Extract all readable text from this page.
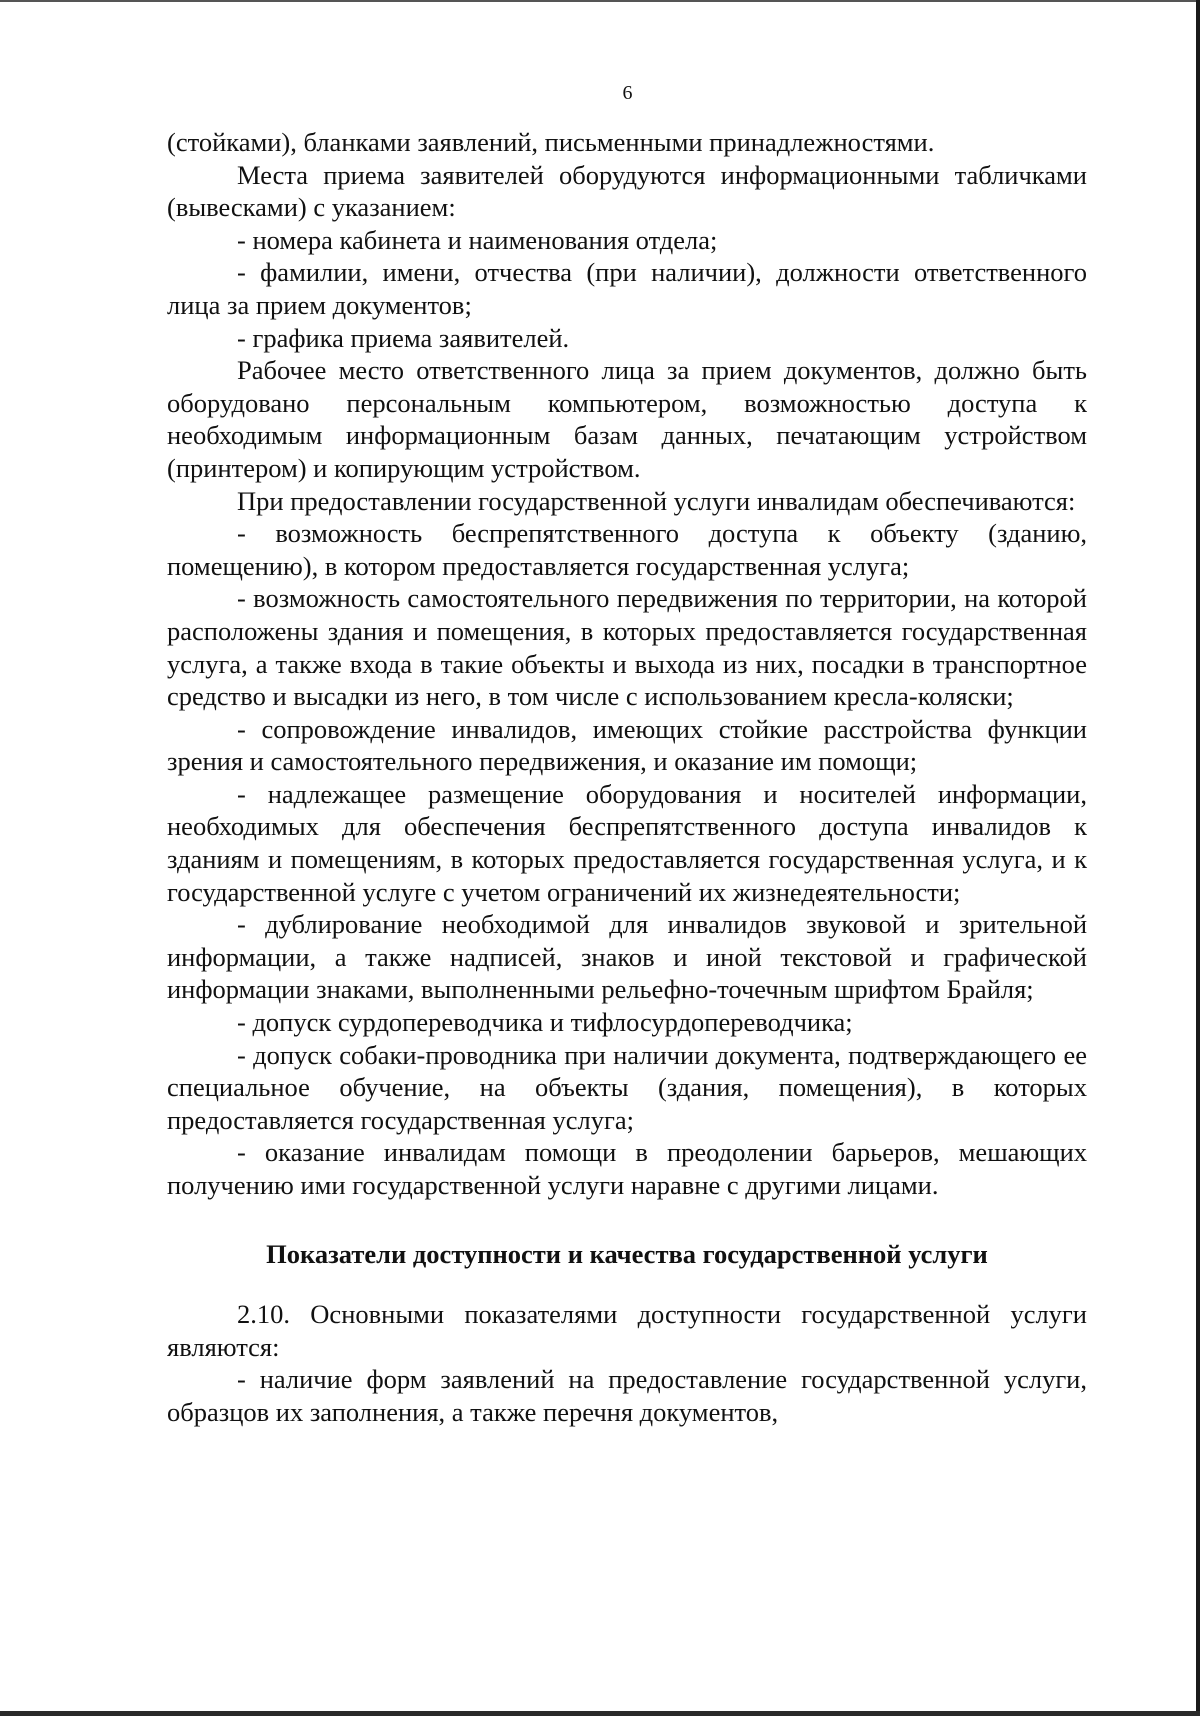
6

(стойками), бланками заявлений, письменными принадлежностями.

Места приема заявителей оборудуются информационными табличками (вывесками) с указанием:

- номера кабинета и наименования отдела;

- фамилии, имени, отчества (при наличии), должности ответственного лица за прием документов;

- графика приема заявителей.

Рабочее место ответственного лица за прием документов, должно быть оборудовано персональным компьютером, возможностью доступа к необходимым информационным базам данных, печатающим устройством (принтером) и копирующим устройством.

При предоставлении государственной услуги инвалидам обеспечиваются:

- возможность беспрепятственного доступа к объекту (зданию, помещению), в котором предоставляется государственная услуга;

- возможность самостоятельного передвижения по территории, на которой расположены здания и помещения, в которых предоставляется государственная услуга, а также входа в такие объекты и выхода из них, посадки в транспортное средство и высадки из него, в том числе с использованием кресла-коляски;

- сопровождение инвалидов, имеющих стойкие расстройства функции зрения и самостоятельного передвижения, и оказание им помощи;

- надлежащее размещение оборудования и носителей информации, необходимых для обеспечения беспрепятственного доступа инвалидов к зданиям и помещениям, в которых предоставляется государственная услуга, и к государственной услуге с учетом ограничений их жизнедеятельности;

- дублирование необходимой для инвалидов звуковой и зрительной информации, а также надписей, знаков и иной текстовой и графической информации знаками, выполненными рельефно-точечным шрифтом Брайля;

- допуск сурдопереводчика и тифлосурдопереводчика;

- допуск собаки-проводника при наличии документа, подтверждающего ее специальное обучение, на объекты (здания, помещения), в которых предоставляется государственная услуга;

- оказание инвалидам помощи в преодолении барьеров, мешающих получению ими государственной услуги наравне с другими лицами.

Показатели доступности и качества государственной услуги

2.10. Основными показателями доступности государственной услуги являются:

- наличие форм заявлений на предоставление государственной услуги, образцов их заполнения, а также перечня документов,
